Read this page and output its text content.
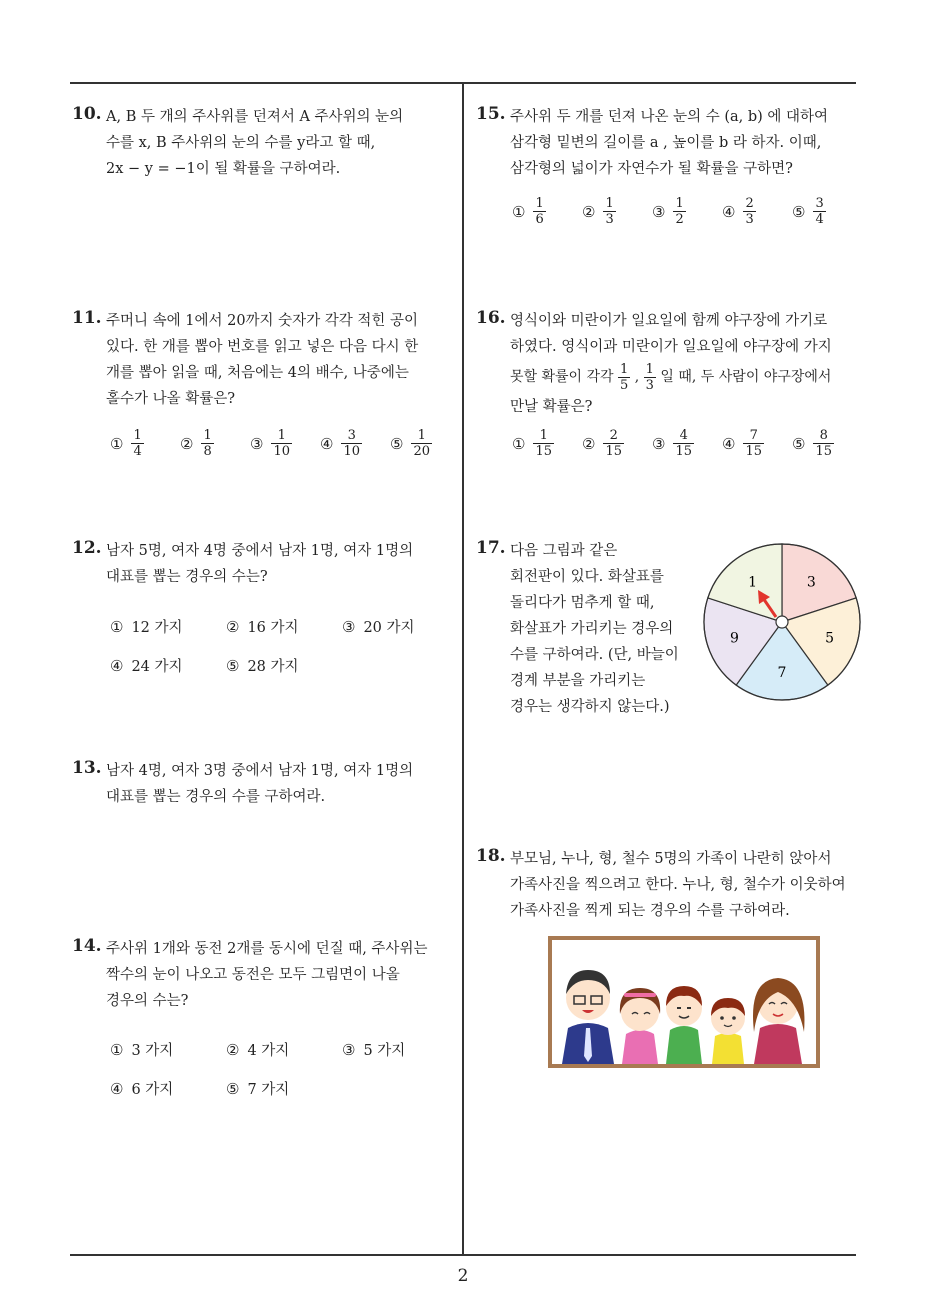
10. A, B 두 개의 주사위를 던져서 A 주사위의 눈의
수를 x, B 주사위의 눈의 수를 y라고 할 때,
2x − y = −1이 될 확률을 구하여라.
11. 주머니 속에 1에서 20까지 숫자가 각각 적힌 공이
있다. 한 개를 뽑아 번호를 읽고 넣은 다음 다시 한
개를 뽑아 읽을 때, 처음에는 4의 배수, 나중에는
홀수가 나올 확률은?
① $\frac{1}{4}$ ② $\frac{1}{8}$ ③ $\frac{1}{10}$ ④ $\frac{3}{10}$ ⑤ $\frac{1}{20}$
12. 남자 5명, 여자 4명 중에서 남자 1명, 여자 1명의
대표를 뽑는 경우의 수는?
① 12 가지	② 16 가지	③ 20 가지
④ 24 가지	⑤ 28 가지
13. 남자 4명, 여자 3명 중에서 남자 1명, 여자 1명의
대표를 뽑는 경우의 수를 구하여라.
14. 주사위 1개와 동전 2개를 동시에 던질 때, 주사위는
짝수의 눈이 나오고 동전은 모두 그림면이 나올
경우의 수는?
① 3 가지	② 4 가지	③ 5 가지
④ 6 가지	⑤ 7 가지
15. 주사위 두 개를 던져 나온 눈의 수 (a, b) 에 대하여
삼각형 밑변의 길이를 a , 높이를 b 라 하자. 이때,
삼각형의 넓이가 자연수가 될 확률을 구하면?
① $\frac{1}{6}$ ② $\frac{1}{3}$ ③ $\frac{1}{2}$ ④ $\frac{2}{3}$ ⑤ $\frac{3}{4}$
16. 영식이와 미란이가 일요일에 함께 야구장에 가기로
하였다. 영식이과 미란이가 일요일에 야구장에 가지
못할 확률이 각각
$\frac{1}{5}$
,
$\frac{1}{3}$
일 때, 두 사람이 야구장에서
만날 확률은?
① $\frac{1}{15}$ ② $\frac{2}{15}$ ③ $\frac{4}{15}$ ④ $\frac{7}{15}$ ⑤ $\frac{8}{15}$
17. 다음 그림과 같은
회전판이 있다. 화살표를
돌리다가 멈추게 할 때,
화살표가 가리키는 경우의
수를 구하여라. (단, 바늘이
경계 부분을 가리키는
경우는 생각하지 않는다.)
3
5
7
9
1
18. 부모님, 누나, 형, 철수 5명의 가족이 나란히 앉아서
가족사진을 찍으려고 한다. 누나, 형, 철수가 이웃하여
가족사진을 찍게 되는 경우의 수를 구하여라.
2
